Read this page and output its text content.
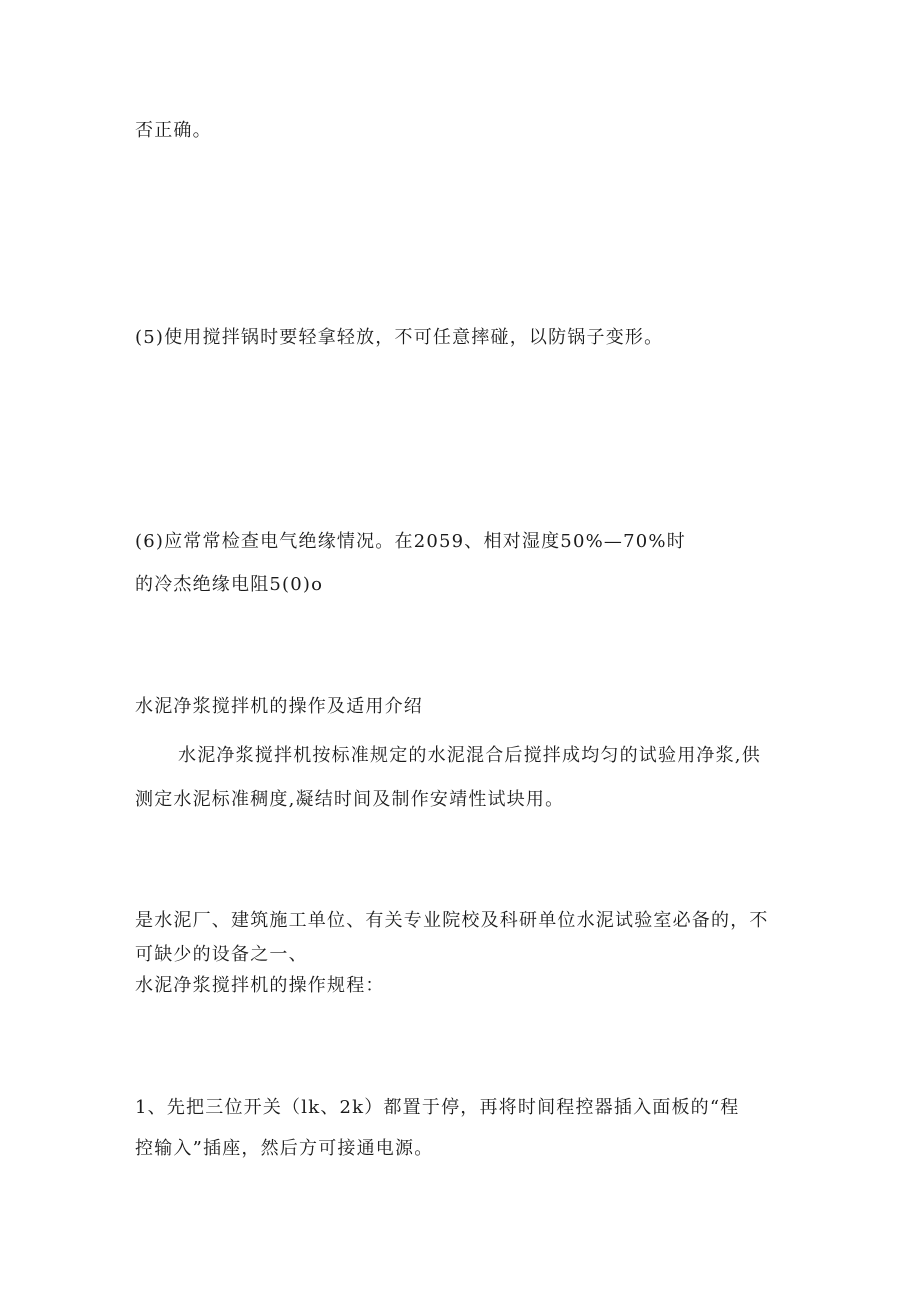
否正确。
(5)使用搅拌锅时要轻拿轻放，不可任意摔碰，以防锅子变形。
(6)应常常检查电气绝缘情况。在2059、相对湿度50%—70%时
的冷杰绝缘电阻5(0)o
水泥净浆搅拌机的操作及适用介绍
水泥净浆搅拌机按标准规定的水泥混合后搅拌成均匀的试验用净浆,供
测定水泥标准稠度,凝结时间及制作安靖性试块用。
是水泥厂、建筑施工单位、有关专业院校及科研单位水泥试验室必备的，不
可缺少的设备之一、
水泥净浆搅拌机的操作规程：
1、先把三位开关（lk、2k）都置于停，再将时间程控器插入面板的“程
控输入”插座，然后方可接通电源。
